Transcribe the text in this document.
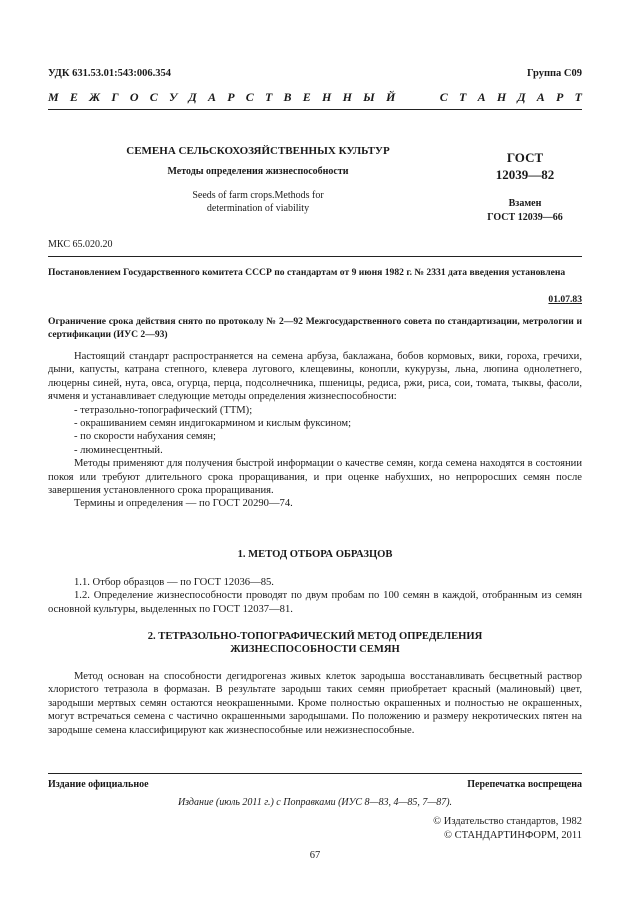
УДК 631.53.01:543:006.354	Группа С09
М Е Ж Г О С У Д А Р С Т В Е Н Н Ы Й	С Т А Н Д А Р Т
СЕМЕНА СЕЛЬСКОХОЗЯЙСТВЕННЫХ КУЛЬТУР
Методы определения жизнеспособности
Seeds of farm crops.Methods for
determination of viability
ГОСТ
12039—82
Взамен
ГОСТ 12039—66
МКС 65.020.20
Постановлением Государственного комитета СССР по стандартам от 9 июня 1982 г. № 2331 дата введения установлена
01.07.83
Ограничение срока действия снято по протоколу № 2—92 Межгосударственного совета по стандартизации, метрологии и сертификации (ИУС 2—93)

Настоящий стандарт распространяется на семена арбуза, баклажана, бобов кормовых, вики, гороха, гречихи, дыни, капусты, катрана степного, клевера лугового, клещевины, конопли, кукурузы, льна, люпина однолетнего, люцерны синей, нута, овса, огурца, перца, подсолнечника, пшеницы, редиса, ржи, риса, сои, томата, тыквы, фасоли, ячменя и устанавливает следующие методы определения жизнеспособности:

- тетразольно-топографический (ТТМ);

- окрашиванием семян индигокармином и кислым фуксином;

- по скорости набухания семян;

- люминесцентный.

Методы применяют для получения быстрой информации о качестве семян, когда семена находятся в состоянии покоя или требуют длительного срока проращивания, и при оценке набухших, но непроросших семян после завершения установленного срока проращивания.

Термины и определения — по ГОСТ 20290—74.

1. МЕТОД ОТБОРА ОБРАЗЦОВ

1.1. Отбор образцов — по ГОСТ 12036—85.

1.2. Определение жизнеспособности проводят по двум пробам по 100 семян в каждой, отобранным из семян основной культуры, выделенных по ГОСТ 12037—81.

2. ТЕТРАЗОЛЬНО-ТОПОГРАФИЧЕСКИЙ МЕТОД ОПРЕДЕЛЕНИЯ
ЖИЗНЕСПОСОБНОСТИ СЕМЯН

Метод основан на способности дегидрогеназ живых клеток зародыша восстанавливать бесцветный раствор хлористого тетразола в формазан. В результате зародыш таких семян приобретает красный (малиновый) цвет, зародыши мертвых семян остаются неокрашенными. Кроме полностью окрашенных и полностью не окрашенных, могут встречаться семена с частично окрашенными зародышами. По положению и размеру некротических пятен на зародыше семена классифицируют как жизнеспособные или нежизнеспособные.

Издание официальное	Перепечатка воспрещена
Издание (июль 2011 г.) с Поправками (ИУС 8—83, 4—85, 7—87).
© Издательство стандартов, 1982
© СТАНДАРТИНФОРМ, 2011
67
